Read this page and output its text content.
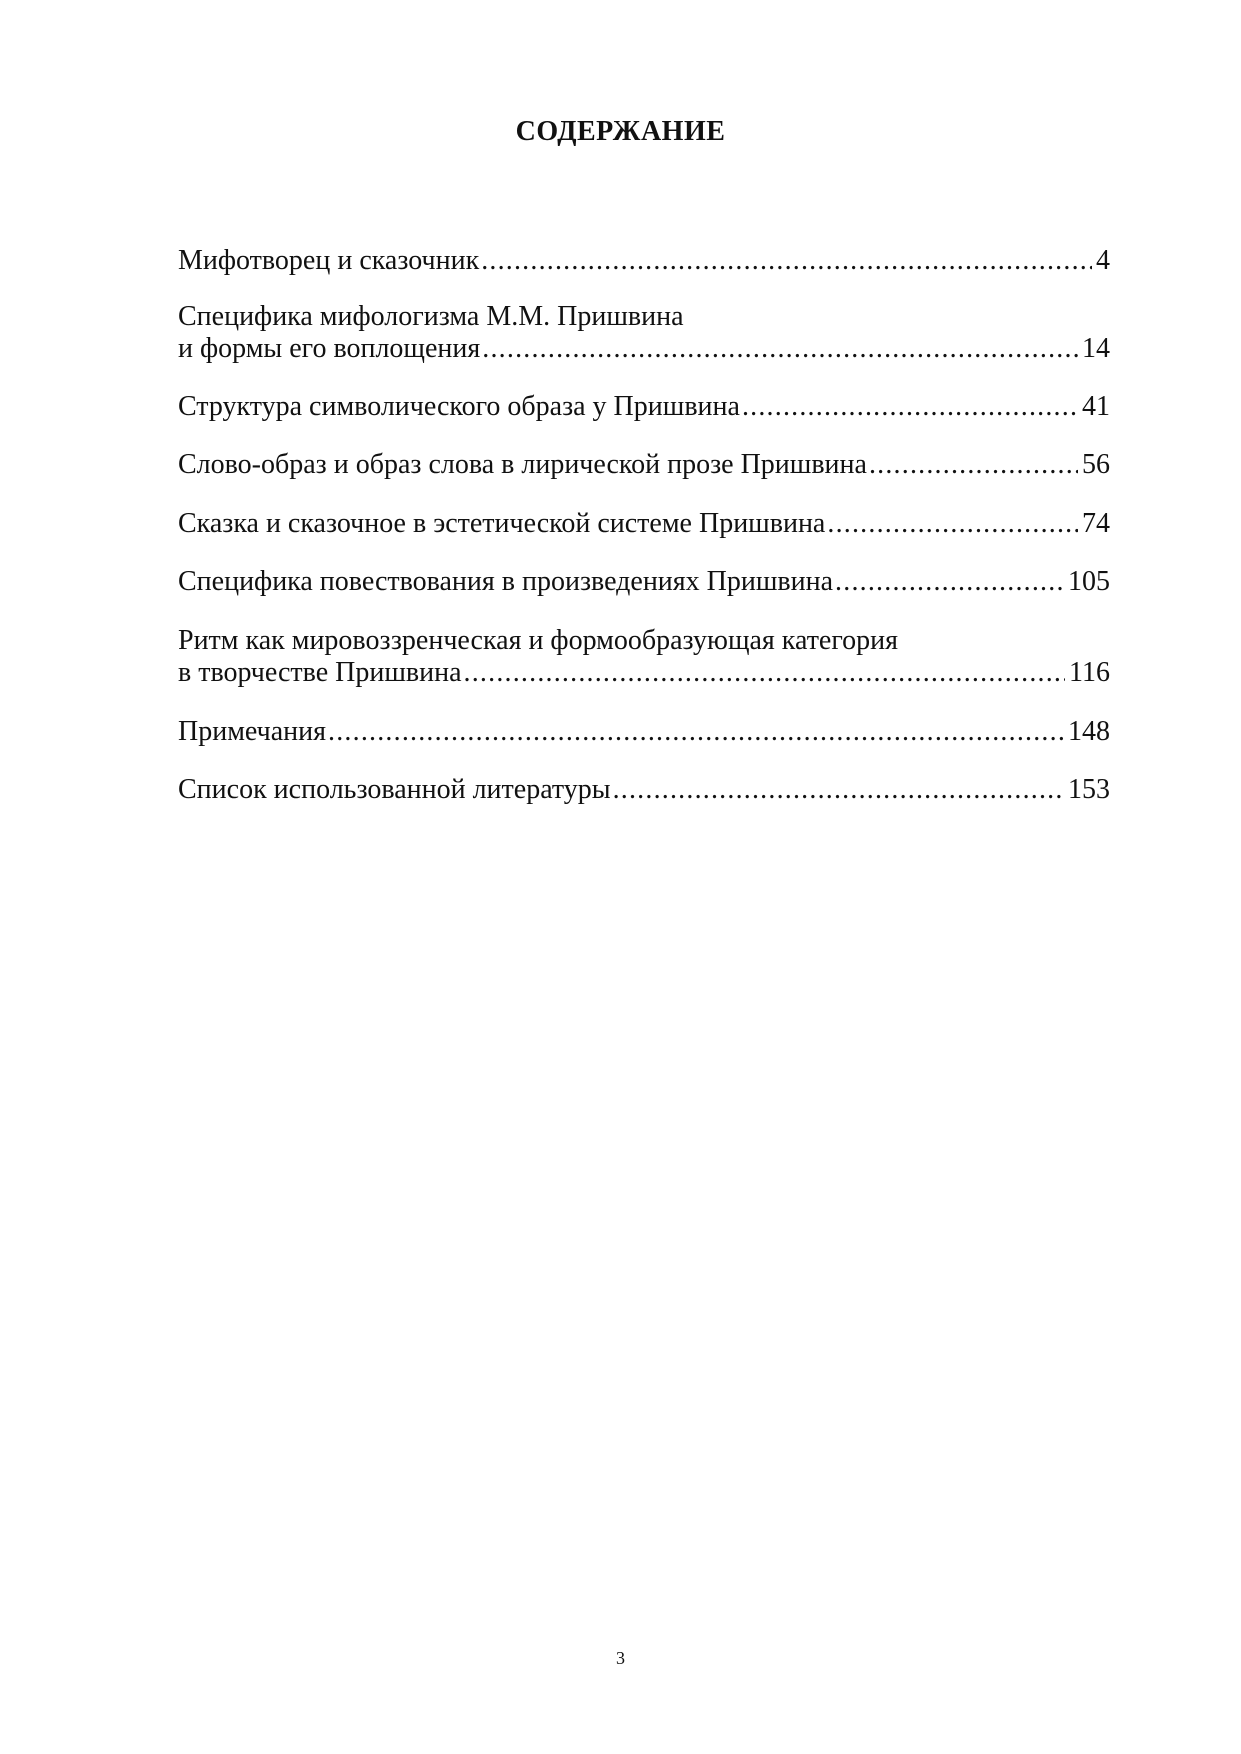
СОДЕРЖАНИЕ
Мифотворец и сказочник .....	4
Специфика мифологизма М.М. Пришвина
и формы его воплощения .....	14
Структура символического образа у Пришвина .....	41
Слово-образ и образ слова в лирической прозе Пришвина .....	56
Сказка и сказочное в эстетической системе Пришвина .....	74
Специфика повествования в произведениях Пришвина .....	105
Ритм как мировоззренческая и формообразующая категория
в творчестве Пришвина .....	116
Примечания .....	148
Список использованной литературы .....	153
3
